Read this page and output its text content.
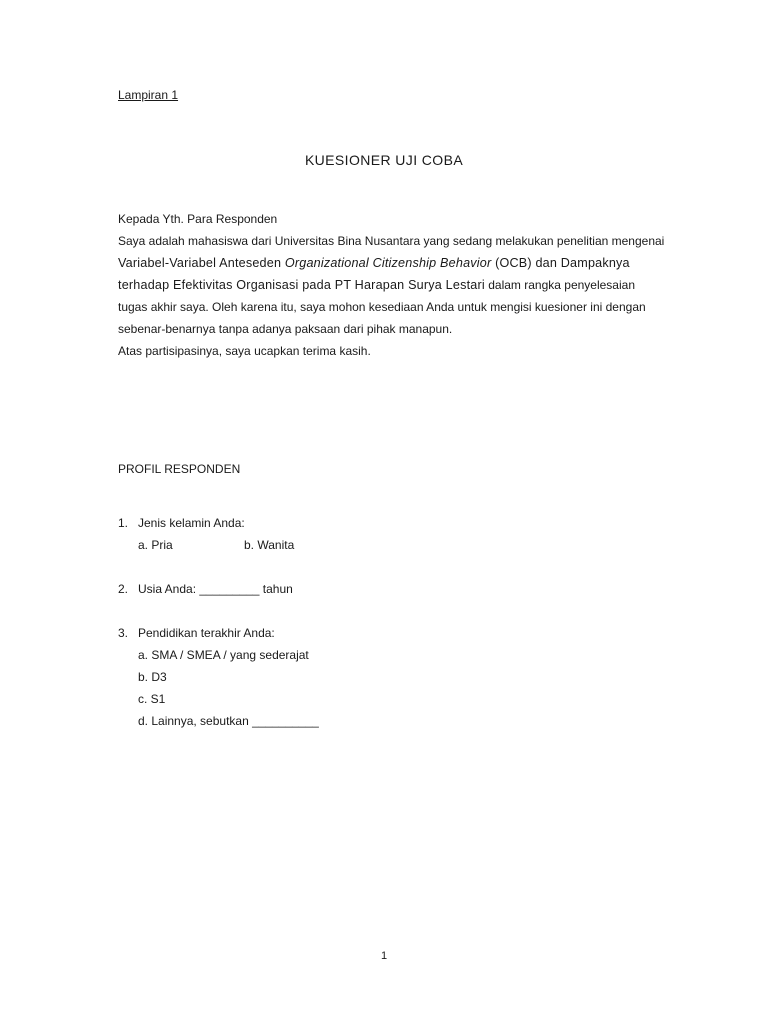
Lampiran 1
KUESIONER UJI COBA
Kepada Yth. Para Responden
Saya adalah mahasiswa dari Universitas Bina Nusantara yang sedang melakukan penelitian mengenai
Variabel-Variabel Anteseden Organizational Citizenship Behavior (OCB) dan Dampaknya
terhadap Efektivitas Organisasi pada PT Harapan Surya Lestari dalam rangka penyelesaian
tugas akhir saya. Oleh karena itu, saya mohon kesediaan Anda untuk mengisi kuesioner ini dengan
sebenar-benarnya tanpa adanya paksaan dari pihak manapun.
Atas partisipasinya, saya ucapkan terima kasih.
PROFIL RESPONDEN
1. Jenis kelamin Anda:
a. Pria	b. Wanita
2. Usia Anda: _________ tahun
3. Pendidikan terakhir Anda:
a. SMA / SMEA / yang sederajat
b. D3
c. S1
d. Lainnya, sebutkan __________
1
